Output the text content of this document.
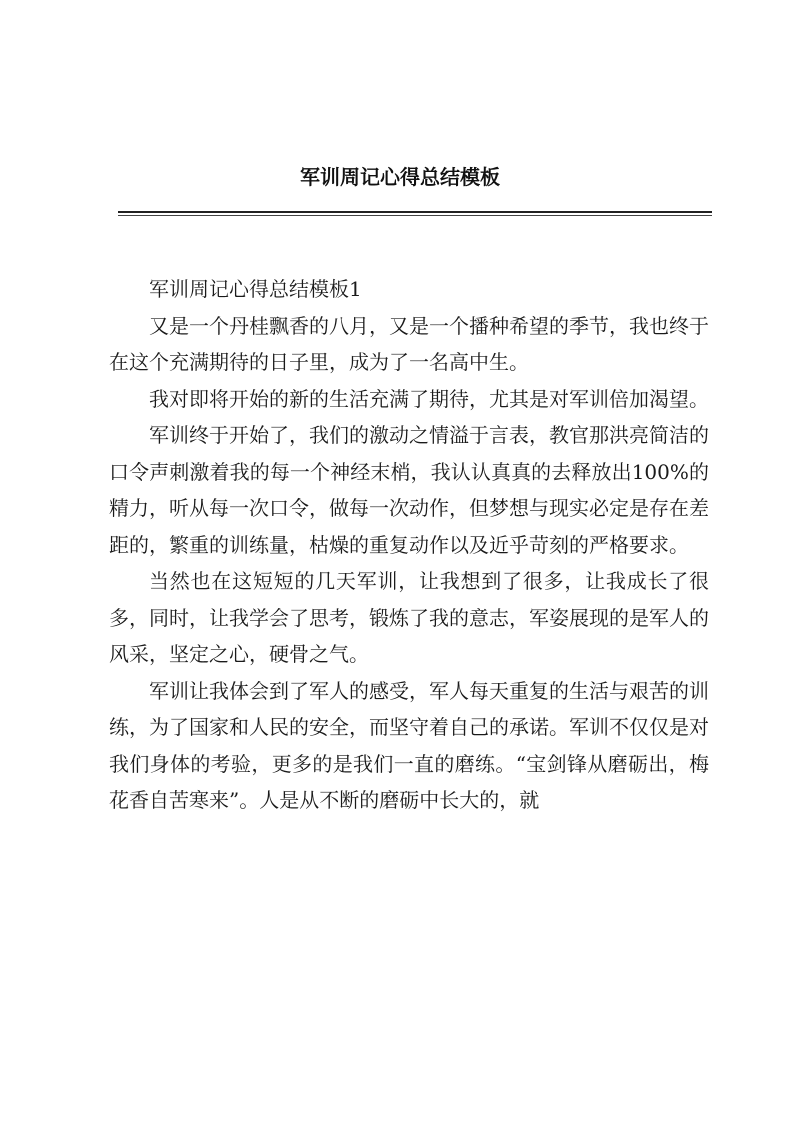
军训周记心得总结模板

军训周记心得总结模板1

又是一个丹桂飘香的八月，又是一个播种希望的季节，我也终于在这个充满期待的日子里，成为了一名高中生。

我对即将开始的新的生活充满了期待，尤其是对军训倍加渴望。

军训终于开始了，我们的激动之情溢于言表，教官那洪亮简洁的口令声刺激着我的每一个神经末梢，我认认真真的去释放出100%的精力，听从每一次口令，做每一次动作，但梦想与现实必定是存在差距的，繁重的训练量，枯燥的重复动作以及近乎苛刻的严格要求。

当然也在这短短的几天军训，让我想到了很多，让我成长了很多，同时，让我学会了思考，锻炼了我的意志，军姿展现的是军人的风采，坚定之心，硬骨之气。

军训让我体会到了军人的感受，军人每天重复的生活与艰苦的训练，为了国家和人民的安全，而坚守着自己的承诺。军训不仅仅是对我们身体的考验，更多的是我们一直的磨练。“宝剑锋从磨砺出，梅花香自苦寒来”。人是从不断的磨砺中长大的，就
